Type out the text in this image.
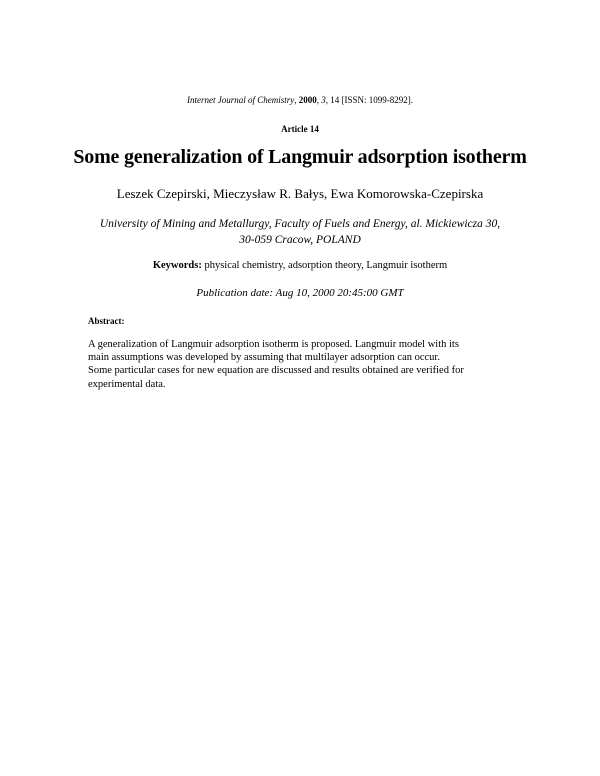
Internet Journal of Chemistry, 2000, 3, 14 [ISSN: 1099-8292].
Article 14
Some generalization of Langmuir adsorption isotherm
Leszek Czepirski, Mieczysław R. Bałys, Ewa Komorowska-Czepirska
University of Mining and Metallurgy, Faculty of Fuels and Energy, al. Mickiewicza 30,
30-059 Cracow, POLAND
Keywords: physical chemistry, adsorption theory, Langmuir isotherm
Publication date: Aug 10, 2000 20:45:00 GMT
Abstract:
A generalization of Langmuir adsorption isotherm is proposed. Langmuir model with its
main assumptions was developed by assuming that multilayer adsorption can occur.
Some particular cases for new equation are discussed and results obtained are verified for
experimental data.
